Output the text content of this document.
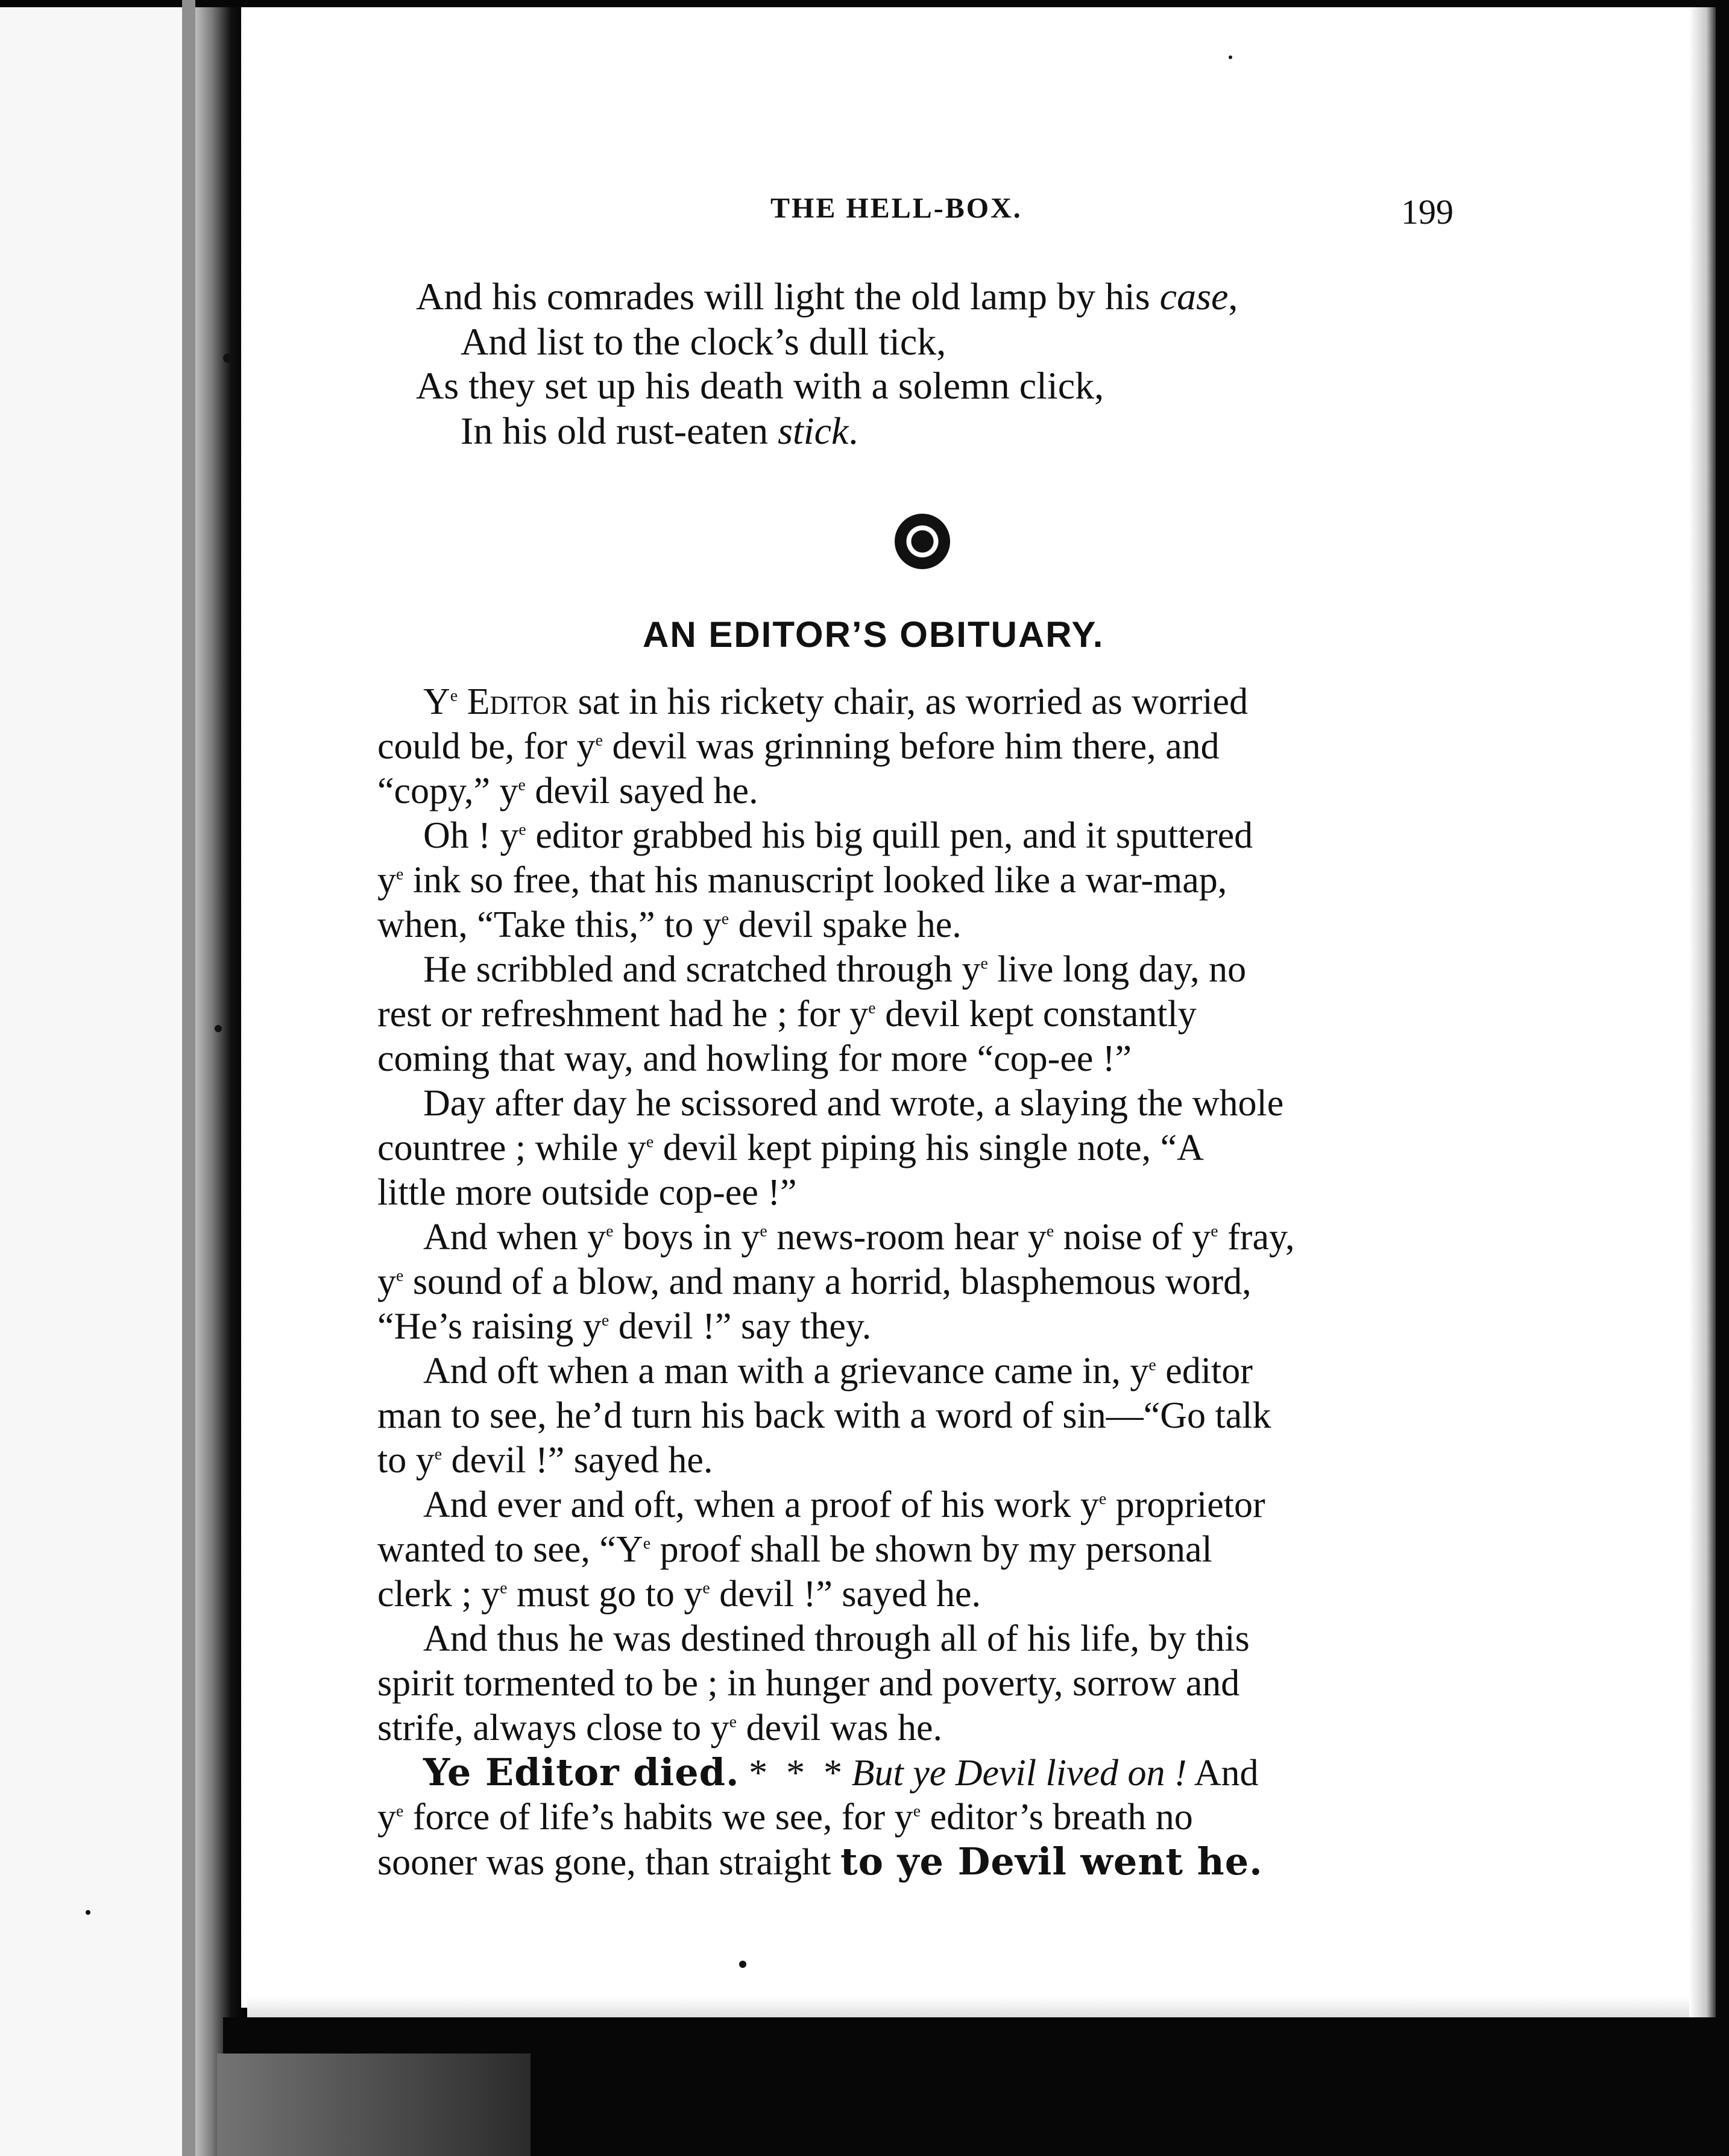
THE HELL-BOX.	199
And his comrades will light the old lamp by his case,
And list to the clock’s dull tick,
As they set up his death with a solemn click,
In his old rust-eaten stick.
AN EDITOR’S OBITUARY.
$Y^e$ Editor sat in his rickety chair, as worried as worried
could be, for $y^e$ devil was grinning before him there, and
“copy,” $y^e$ devil sayed he.
Oh ! $y^e$ editor grabbed his big quill pen, and it sputtered
$y^e$ ink so free, that his manuscript looked like a war-map,
when, “Take this,” to $y^e$ devil spake he.
He scribbled and scratched through $y^e$ live long day, no
rest or refreshment had he ; for $y^e$ devil kept constantly
coming that way, and howling for more “cop-ee !”
Day after day he scissored and wrote, a slaying the whole
countree ; while $y^e$ devil kept piping his single note, “A
little more outside cop-ee !”
And when $y^e$ boys in $y^e$ news-room hear $y^e$ noise of $y^e$ fray,
$y^e$ sound of a blow, and many a horrid, blasphemous word,
“He’s raising $y^e$ devil !” say they.
And oft when a man with a grievance came in, $y^e$ editor
man to see, he’d turn his back with a word of sin—“Go talk
to $y^e$ devil !” sayed he.
And ever and oft, when a proof of his work $y^e$ proprietor
wanted to see, “$Y^e$ proof shall be shown by my personal
clerk ; $y^e$ must go to $y^e$ devil !” sayed he.
And thus he was destined through all of his life, by this
spirit tormented to be ; in hunger and poverty, sorrow and
strife, always close to $y^e$ devil was he.
Ye Editor died. *  *  * But ye Devil lived on ! And
$y^e$ force of life’s habits we see, for $y^e$ editor’s breath no
sooner was gone, than straight to ye Devil went he.
